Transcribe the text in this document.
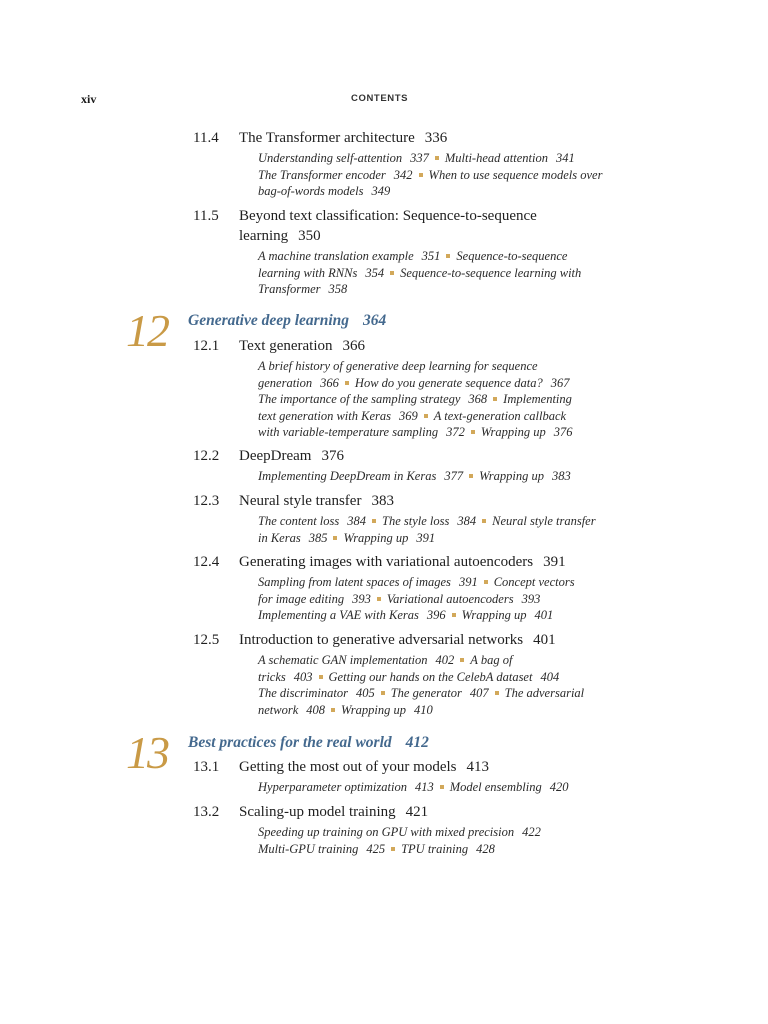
xiv	CONTENTS
11.4 The Transformer architecture 336
Understanding self-attention 337 Multi-head attention 341
The Transformer encoder 342 When to use sequence models over
bag-of-words models 349
11.5 Beyond text classification: Sequence-to-sequence
learning 350
A machine translation example 351 Sequence-to-sequence
learning with RNNs 354 Sequence-to-sequence learning with
Transformer 358
12 Generative deep learning 364
12.1 Text generation 366
A brief history of generative deep learning for sequence
generation 366 How do you generate sequence data? 367
The importance of the sampling strategy 368 Implementing
text generation with Keras 369 A text-generation callback
with variable-temperature sampling 372 Wrapping up 376
12.2 DeepDream 376
Implementing DeepDream in Keras 377 Wrapping up 383
12.3 Neural style transfer 383
The content loss 384 The style loss 384 Neural style transfer
in Keras 385 Wrapping up 391
12.4 Generating images with variational autoencoders 391
Sampling from latent spaces of images 391 Concept vectors
for image editing 393 Variational autoencoders 393
Implementing a VAE with Keras 396 Wrapping up 401
12.5 Introduction to generative adversarial networks 401
A schematic GAN implementation 402 A bag of
tricks 403 Getting our hands on the CelebA dataset 404
The discriminator 405 The generator 407 The adversarial
network 408 Wrapping up 410
13 Best practices for the real world 412
13.1 Getting the most out of your models 413
Hyperparameter optimization 413 Model ensembling 420
13.2 Scaling-up model training 421
Speeding up training on GPU with mixed precision 422
Multi-GPU training 425 TPU training 428
